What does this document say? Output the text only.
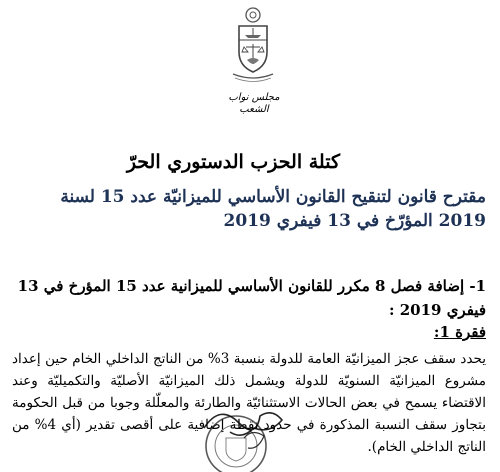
مجلس نواب الشعب
كتلة الحزب الدستوري الحرّ
مقترح قانون لتنقيح القانون الأساسي للميزانيّة عدد 15 لسنة 2019 المؤرّخ في 13 فيفري 2019
1- إضافة فصل 8 مكرر للقانون الأساسي للميزانية عدد 15 المؤرخ في 13 فيفري 2019 :
فقرة 1:
يحدد سقف عجز الميزانيّة العامة للدولة بنسبة 3% من الناتج الداخلي الخام حين إعداد مشروع الميزانيّة السنويّة للدولة ويشمل ذلك الميزانيّة الأصليّة والتكميليّة وعند الاقتضاء يسمح في بعض الحالات الاستثنائيّة والطارئة والمعلّلة وجوبا من قبل الحكومة بتجاوز سقف النسبة المذكورة في حدود نقطة إضافية على أقصى تقدير (أي 4% من الناتج الداخلي الخام).
